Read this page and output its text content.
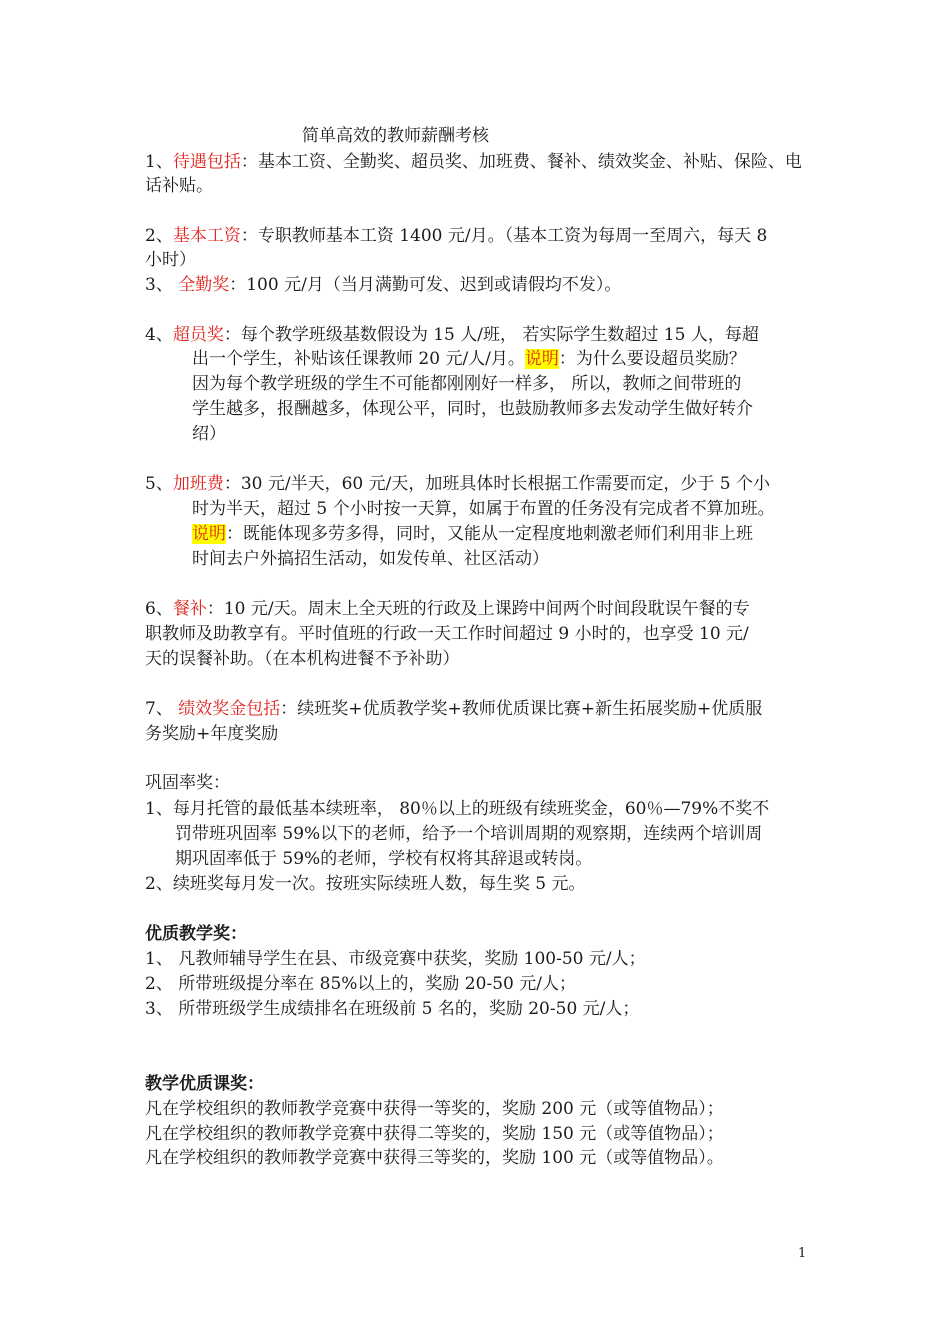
简单高效的教师薪酬考核
1、待遇包括：基本工资、全勤奖、超员奖、加班费、餐补、绩效奖金、补贴、保险、电
话补贴。
2、基本工资：专职教师基本工资 1400 元/月。（基本工资为每周一至周六，每天 8
小时）
3、 全勤奖：100 元/月（当月满勤可发、迟到或请假均不发）。
4、超员奖：每个教学班级基数假设为 15 人/班， 若实际学生数超过 15 人，每超
出一个学生，补贴该任课教师 20 元/人/月。说明：为什么要设超员奖励？
因为每个教学班级的学生不可能都刚刚好一样多， 所以，教师之间带班的
学生越多，报酬越多，体现公平，同时，也鼓励教师多去发动学生做好转介
绍）
5、加班费：30 元/半天，60 元/天，加班具体时长根据工作需要而定，少于 5 个小
时为半天，超过 5 个小时按一天算，如属于布置的任务没有完成者不算加班。
说明：既能体现多劳多得，同时，又能从一定程度地刺激老师们利用非上班
时间去户外搞招生活动，如发传单、社区活动）
6、餐补：10 元/天。周末上全天班的行政及上课跨中间两个时间段耽误午餐的专
职教师及助教享有。平时值班的行政一天工作时间超过 9 小时的，也享受 10 元/
天的误餐补助。（在本机构进餐不予补助）
7、 绩效奖金包括：续班奖+优质教学奖+教师优质课比赛+新生拓展奖励+优质服
务奖励+年度奖励
巩固率奖：
1、每月托管的最低基本续班率， 80％以上的班级有续班奖金，60％—79%不奖不
罚带班巩固率 59%以下的老师，给予一个培训周期的观察期，连续两个培训周
期巩固率低于 59%的老师，学校有权将其辞退或转岗。
2、续班奖每月发一次。按班实际续班人数，每生奖 5 元。
优质教学奖：
1、 凡教师辅导学生在县、市级竞赛中获奖，奖励 100-50 元/人；
2、 所带班级提分率在 85%以上的，奖励 20-50 元/人；
3、 所带班级学生成绩排名在班级前 5 名的，奖励 20-50 元/人；
教学优质课奖：
凡在学校组织的教师教学竞赛中获得一等奖的，奖励 200 元（或等值物品）；
凡在学校组织的教师教学竞赛中获得二等奖的，奖励 150 元（或等值物品）；
凡在学校组织的教师教学竞赛中获得三等奖的，奖励 100 元（或等值物品）。
1
